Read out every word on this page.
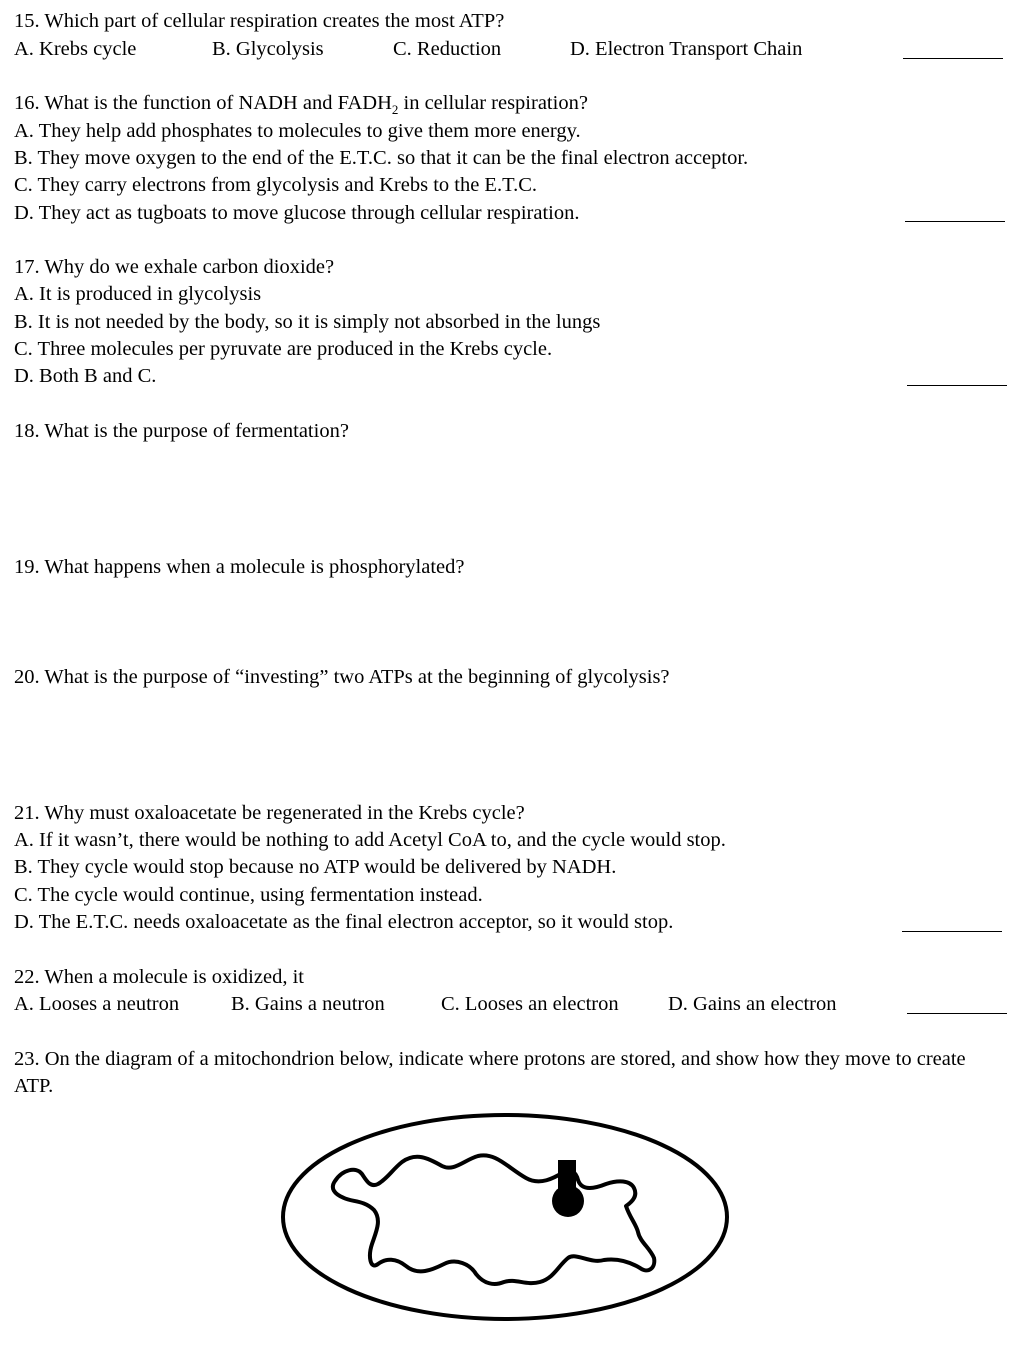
15. Which part of cellular respiration creates the most ATP?
A. Krebs cycle	B. Glycolysis	C. Reduction	D. Electron Transport Chain
16. What is the function of NADH and $FADH_2$ in cellular respiration?
A. They help add phosphates to molecules to give them more energy.
B. They move oxygen to the end of the E.T.C. so that it can be the final electron acceptor.
C. They carry electrons from glycolysis and Krebs to the E.T.C.
D. They act as tugboats to move glucose through cellular respiration.
17. Why do we exhale carbon dioxide?
A. It is produced in glycolysis
B. It is not needed by the body, so it is simply not absorbed in the lungs
C. Three molecules per pyruvate are produced in the Krebs cycle.
D. Both B and C.
18. What is the purpose of fermentation?
19. What happens when a molecule is phosphorylated?
20. What is the purpose of “investing” two ATPs at the beginning of glycolysis?
21. Why must oxaloacetate be regenerated in the Krebs cycle?
A. If it wasn’t, there would be nothing to add Acetyl CoA to, and the cycle would stop.
B. They cycle would stop because no ATP would be delivered by NADH.
C. The cycle would continue, using fermentation instead.
D. The E.T.C. needs oxaloacetate as the final electron acceptor, so it would stop.
22. When a molecule is oxidized, it
A. Looses a neutron	B. Gains a neutron	C. Looses an electron D. Gains an electron
23. On the diagram of a mitochondrion below, indicate where protons are stored, and show how they move to create ATP.
